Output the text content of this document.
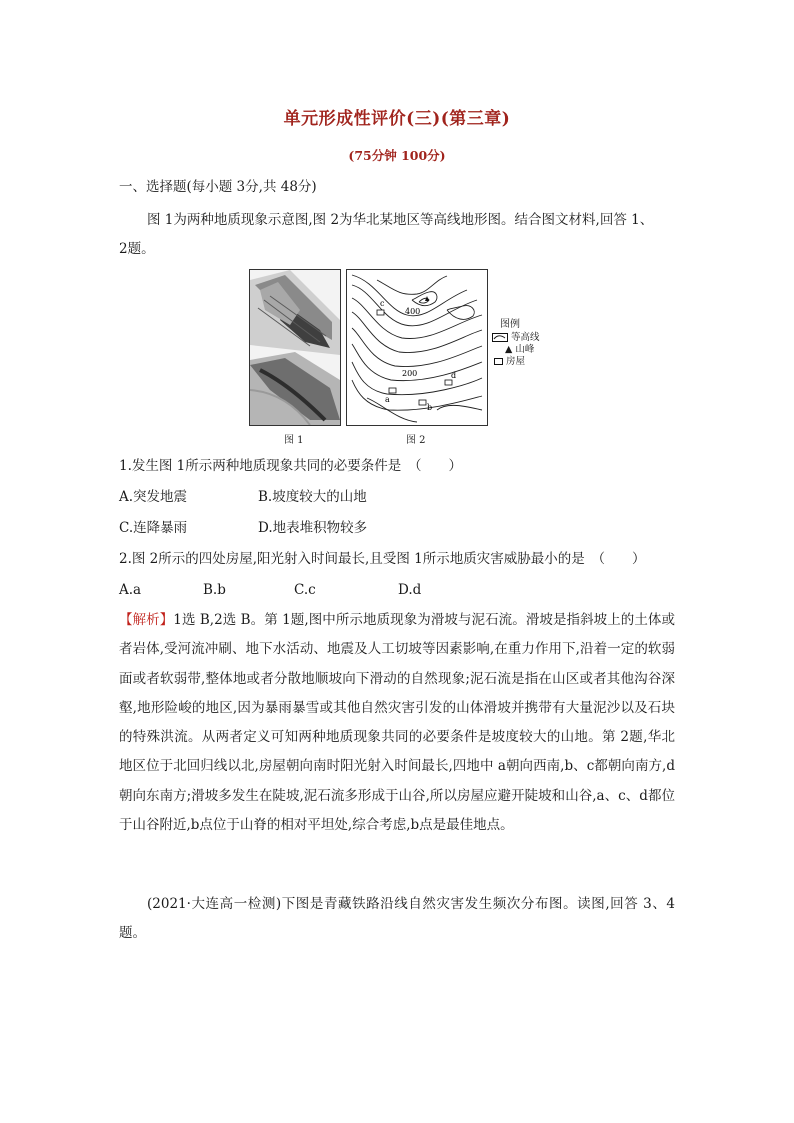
单元形成性评价(三)(第三章)
(75分钟 100分)
一、选择题(每小题 3分,共 48分)
图 1为两种地质现象示意图,图 2为华北某地区等高线地形图。结合图文材料,回答 1、
2题。
图 1
c
400
200	d
a
b
图 2
图例
等高线
▲ 山峰
房屋
1.发生图 1所示两种地质现象共同的必要条件是　（　　）
A.突发地震	B.坡度较大的山地
C.连降暴雨	D.地表堆积物较多
2.图 2所示的四处房屋,阳光射入时间最长,且受图 1所示地质灾害威胁最小的是　（　　）
A.a	B.b	C.c	D.d
【解析】1选 B,2选 B。第 1题,图中所示地质现象为滑坡与泥石流。滑坡是指斜坡上的土体或者岩体,受河流冲刷、地下水活动、地震及人工切坡等因素影响,在重力作用下,沿着一定的软弱面或者软弱带,整体地或者分散地顺坡向下滑动的自然现象;泥石流是指在山区或者其他沟谷深壑,地形险峻的地区,因为暴雨暴雪或其他自然灾害引发的山体滑坡并携带有大量泥沙以及石块的特殊洪流。从两者定义可知两种地质现象共同的必要条件是坡度较大的山地。第 2题,华北地区位于北回归线以北,房屋朝向南时阳光射入时间最长,四地中 a朝向西南,b、c都朝向南方,d朝向东南方;滑坡多发生在陡坡,泥石流多形成于山谷,所以房屋应避开陡坡和山谷,a、c、d都位于山谷附近,b点位于山脊的相对平坦处,综合考虑,b点是最佳地点。
(2021·大连高一检测)下图是青藏铁路沿线自然灾害发生频次分布图。读图,回答 3、4题。
